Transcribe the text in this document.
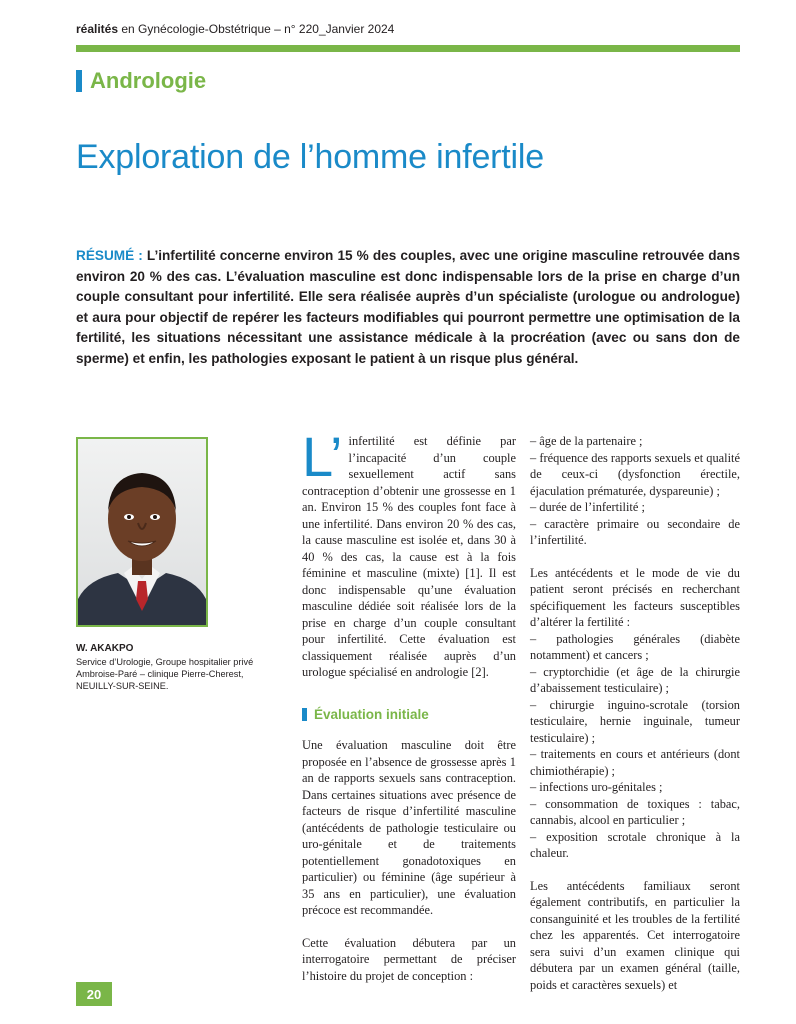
réalités en Gynécologie-Obstétrique – n° 220_Janvier 2024
Andrologie
Exploration de l’homme infertile
RÉSUMÉ : L’infertilité concerne environ 15 % des couples, avec une origine masculine retrouvée dans environ 20 % des cas. L’évaluation masculine est donc indispensable lors de la prise en charge d’un couple consultant pour infertilité. Elle sera réalisée auprès d’un spécialiste (urologue ou andrologue) et aura pour objectif de repérer les facteurs modifiables qui pourront permettre une optimisation de la fertilité, les situations nécessitant une assistance médicale à la procréation (avec ou sans don de sperme) et enfin, les pathologies exposant le patient à un risque plus général.
W. AKAKPO
Service d’Urologie, Groupe hospitalier privé
Ambroise-Paré – clinique Pierre-Cherest,
NEUILLY-SUR-SEINE.

L’ infertilité est définie par l’incapacité d’un couple sexuellement actif sans contraception d’obtenir une grossesse en 1 an. Environ 15 % des couples font face à une infertilité. Dans environ 20 % des cas, la cause masculine est isolée et, dans 30 à 40 % des cas, la cause est à la fois féminine et masculine (mixte) [1]. Il est donc indispensable qu’une évaluation masculine dédiée soit réalisée lors de la prise en charge d’un couple consultant pour infertilité. Cette évaluation est classiquement réalisée auprès d’un urologue spécialisé en andrologie [2].

Évaluation initiale

Une évaluation masculine doit être proposée en l’absence de grossesse après 1 an de rapports sexuels sans contraception. Dans certaines situations avec présence de facteurs de risque d’infertilité masculine (antécédents de pathologie testiculaire ou uro-génitale et de traitements potentiellement gonadotoxiques en particulier) ou féminine (âge supérieur à 35 ans en particulier), une évaluation précoce est recommandée.

Cette évaluation débutera par un interrogatoire permettant de préciser l’histoire du projet de conception :

– âge de la partenaire ;
– fréquence des rapports sexuels et qualité de ceux-ci (dysfonction érectile, éjaculation prématurée, dyspareunie) ;
– durée de l’infertilité ;
– caractère primaire ou secondaire de l’infertilité.

Les antécédents et le mode de vie du patient seront précisés en recherchant spécifiquement les facteurs susceptibles d’altérer la fertilité :

– pathologies générales (diabète notamment) et cancers ;
– cryptorchidie (et âge de la chirurgie d’abaissement testiculaire) ;
– chirurgie inguino-scrotale (torsion testiculaire, hernie inguinale, tumeur testiculaire) ;
– traitements en cours et antérieurs (dont chimiothérapie) ;
– infections uro-génitales ;
– consommation de toxiques : tabac, cannabis, alcool en particulier ;
– exposition scrotale chronique à la chaleur.

Les antécédents familiaux seront également contributifs, en particulier la consanguinité et les troubles de la fertilité chez les apparentés. Cet interrogatoire sera suivi d’un examen clinique qui débutera par un examen général (taille, poids et caractères sexuels) et

20
